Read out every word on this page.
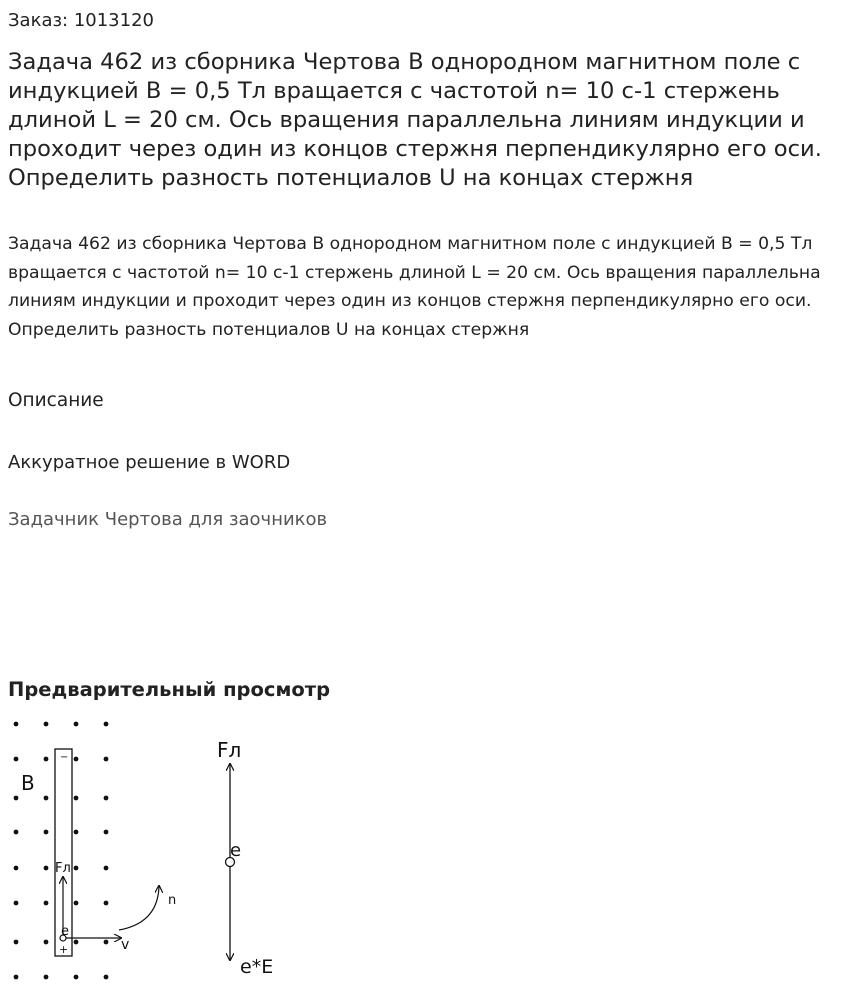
Заказ: 1013120
Задача 462 из сборника Чертова В однородном магнитном поле с индукцией B = 0,5 Тл вращается с частотой n= 10 с-1 стержень длиной L = 20 см. Ось вращения параллельна линиям индукции и проходит через один из концов стержня перпендикулярно его оси. Определить разность потенциалов U на концах стержня

Задача 462 из сборника Чертова В однородном магнитном поле с индукцией B = 0,5 Тл вращается с частотой n= 10 с-1 стержень длиной L = 20 см. Ось вращения параллельна линиям индукции и проходит через один из концов стержня перпендикулярно его оси. Определить разность потенциалов U на концах стержня

Описание
Аккуратное решение в WORD
Задачник Чертова для заочников
Предварительный просмотр
B
−
+
Fл
e
v
n
Fл
e
e*E
